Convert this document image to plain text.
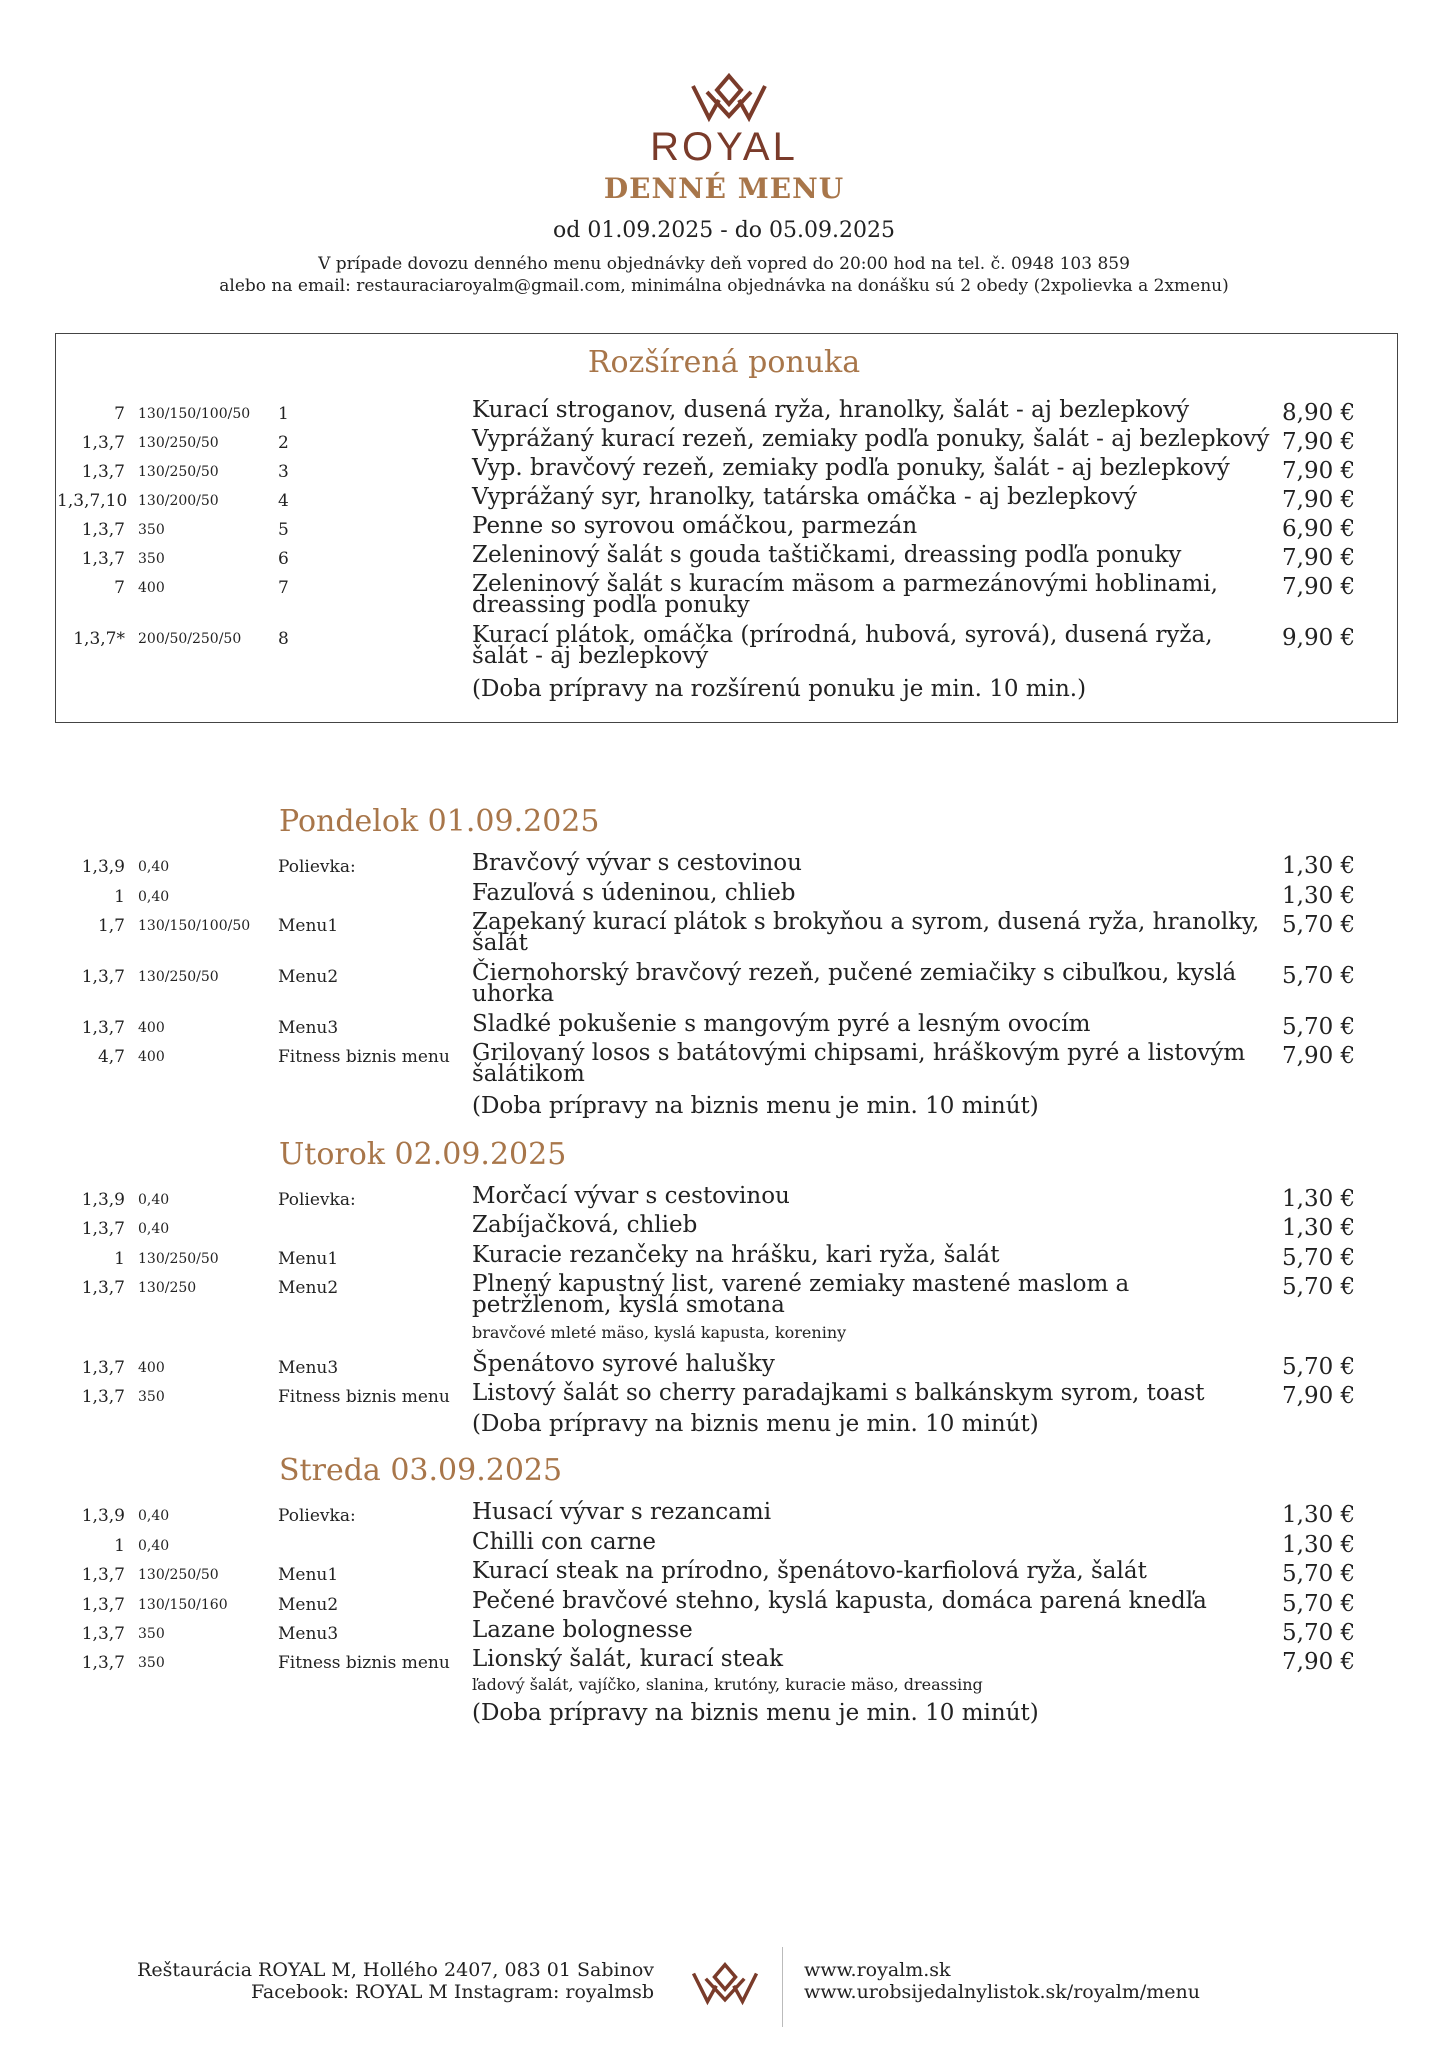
ROYAL
DENNÉ MENU
od 01.09.2025 - do 05.09.2025
V prípade dovozu denného menu objednávky deň vopred do 20:00 hod na tel. č. 0948 103 859
alebo na email: restauraciaroyalm@gmail.com, minimálna objednávka na donášku sú 2 obedy (2xpolievka a 2xmenu)
Rozšírená ponuka
7 130/150/100/50 1	Kurací stroganov, dusená ryža, hranolky, šalát - aj bezlepkový	8,90 €
1,3,7 130/250/50	2	Vyprážaný kurací rezeň, zemiaky podľa ponuky, šalát - aj bezlepkový 7,90 €
1,3,7 130/250/50	3	Vyp. bravčový rezeň, zemiaky podľa ponuky, šalát - aj bezlepkový	7,90 €
1,3,7,10 130/200/50	4	Vyprážaný syr, hranolky, tatárska omáčka - aj bezlepkový	7,90 €
1,3,7 350	5	Penne so syrovou omáčkou, parmezán	6,90 €
1,3,7 350	6	Zeleninový šalát s gouda taštičkami, dreassing podľa ponuky	7,90 €
7 400	7	Zeleninový šalát s kuracím mäsom a parmezánovými hoblinami, dreassing podľa ponuky
7,90 €
1,3,7* 200/50/250/50 8	Kurací plátok, omáčka (prírodná, hubová, syrová), dusená ryža, šalát - aj bezlepkový
9,90 €
(Doba prípravy na rozšírenú ponuku je min. 10 min.)
Pondelok 01.09.2025
1,3,9 0,40	Polievka:	Bravčový vývar s cestovinou	1,30 €
1 0,40	Fazuľová s údeninou, chlieb	1,30 €
1,7 130/150/100/50 Menu1	Zapekaný kurací plátok s brokyňou a syrom, dusená ryža, hranolky, šalát
5,70 €
1,3,7 130/250/50	Menu2	Čiernohorský bravčový rezeň, pučené zemiačiky s cibuľkou, kyslá uhorka
5,70 €
1,3,7 400	Menu3	Sladké pokušenie s mangovým pyré a lesným ovocím	5,70 €
4,7 400	Fitness biznis menu Grilovaný losos s batátovými chipsami, hráškovým pyré a listovým šalátikom
7,90 €
(Doba prípravy na biznis menu je min. 10 minút)
Utorok 02.09.2025
1,3,9 0,40	Polievka:	Morčací vývar s cestovinou	1,30 €
1,3,7 0,40	Zabíjačková, chlieb	1,30 €
1 130/250/50	Menu1	Kuracie rezančeky na hrášku, kari ryža, šalát	5,70 €
1,3,7 130/250	Menu2	Plnený kapustný list, varené zemiaky mastené maslom a petržlenom, kyslá smotana
5,70 €
bravčové mleté mäso, kyslá kapusta, koreniny
1,3,7 400	Menu3	Špenátovo syrové halušky	5,70 €
1,3,7 350	Fitness biznis menu Listový šalát so cherry paradajkami s balkánskym syrom, toast	7,90 €
(Doba prípravy na biznis menu je min. 10 minút)
Streda 03.09.2025
1,3,9 0,40	Polievka:	Husací vývar s rezancami	1,30 €
1 0,40	Chilli con carne	1,30 €
1,3,7 130/250/50	Menu1	Kurací steak na prírodno, špenátovo-karfiolová ryža, šalát	5,70 €
1,3,7 130/150/160	Menu2	Pečené bravčové stehno, kyslá kapusta, domáca parená knedľa	5,70 €
1,3,7 350	Menu3	Lazane bolognesse	5,70 €
1,3,7 350	Fitness biznis menu Lionský šalát, kurací steak	7,90 €
ľadový šalát, vajíčko, slanina, krutóny, kuracie mäso, dreassing
(Doba prípravy na biznis menu je min. 10 minút)
Reštaurácia ROYAL M, Hollého 2407, 083 01 Sabinov
Facebook: ROYAL M Instagram: royalmsb
www.royalm.sk
www.urobsijedalnylistok.sk/royalm/menu
